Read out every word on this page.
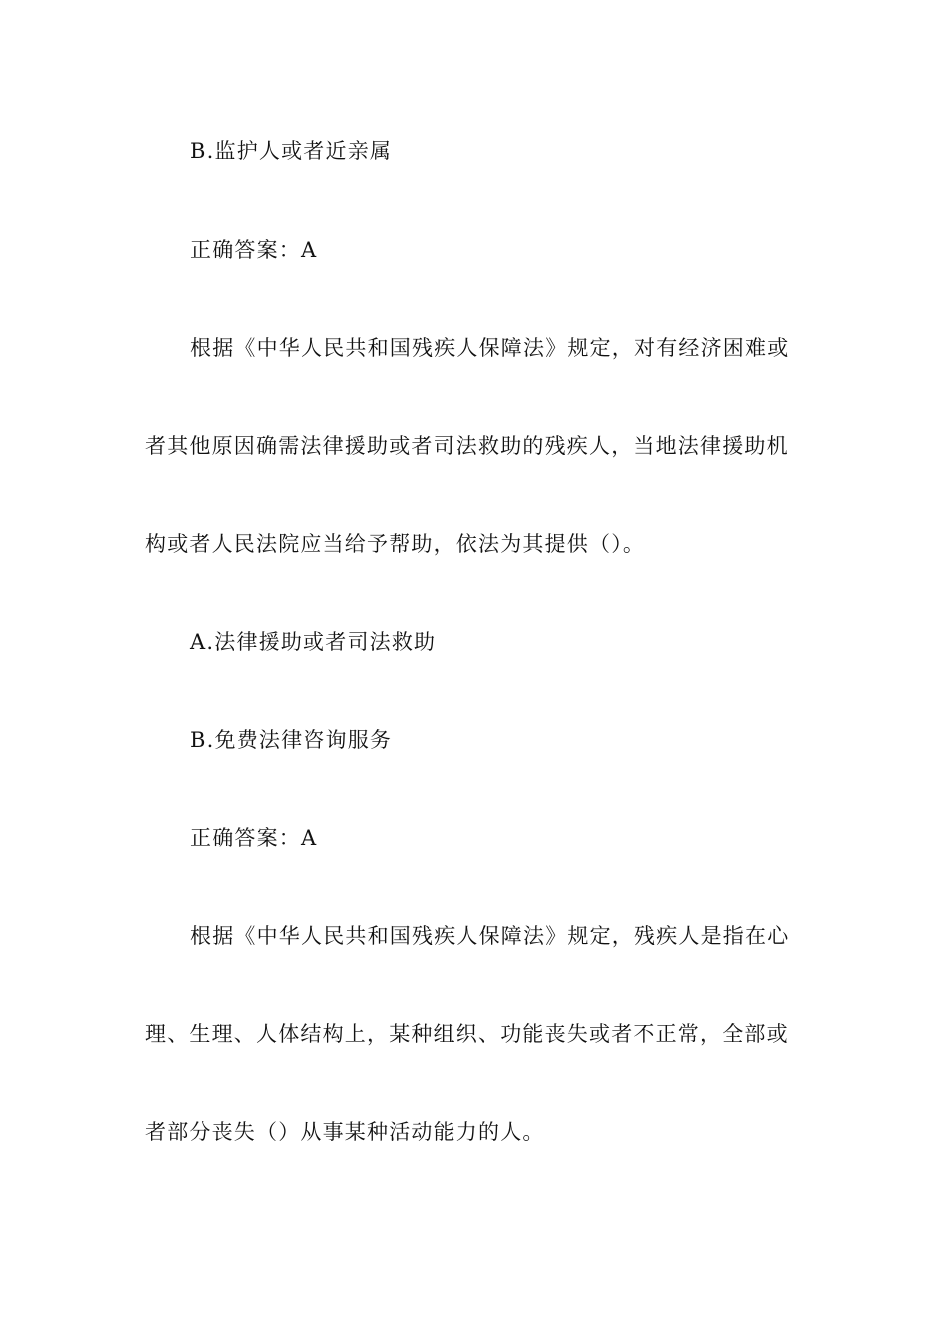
B.监护人或者近亲属
正确答案：A
根据《中华人民共和国残疾人保障法》规定，对有经济困难或
者其他原因确需法律援助或者司法救助的残疾人，当地法律援助机
构或者人民法院应当给予帮助，依法为其提供（）。
A.法律援助或者司法救助
B.免费法律咨询服务
正确答案：A
根据《中华人民共和国残疾人保障法》规定，残疾人是指在心
理、生理、人体结构上，某种组织、功能丧失或者不正常，全部或
者部分丧失（）从事某种活动能力的人。
